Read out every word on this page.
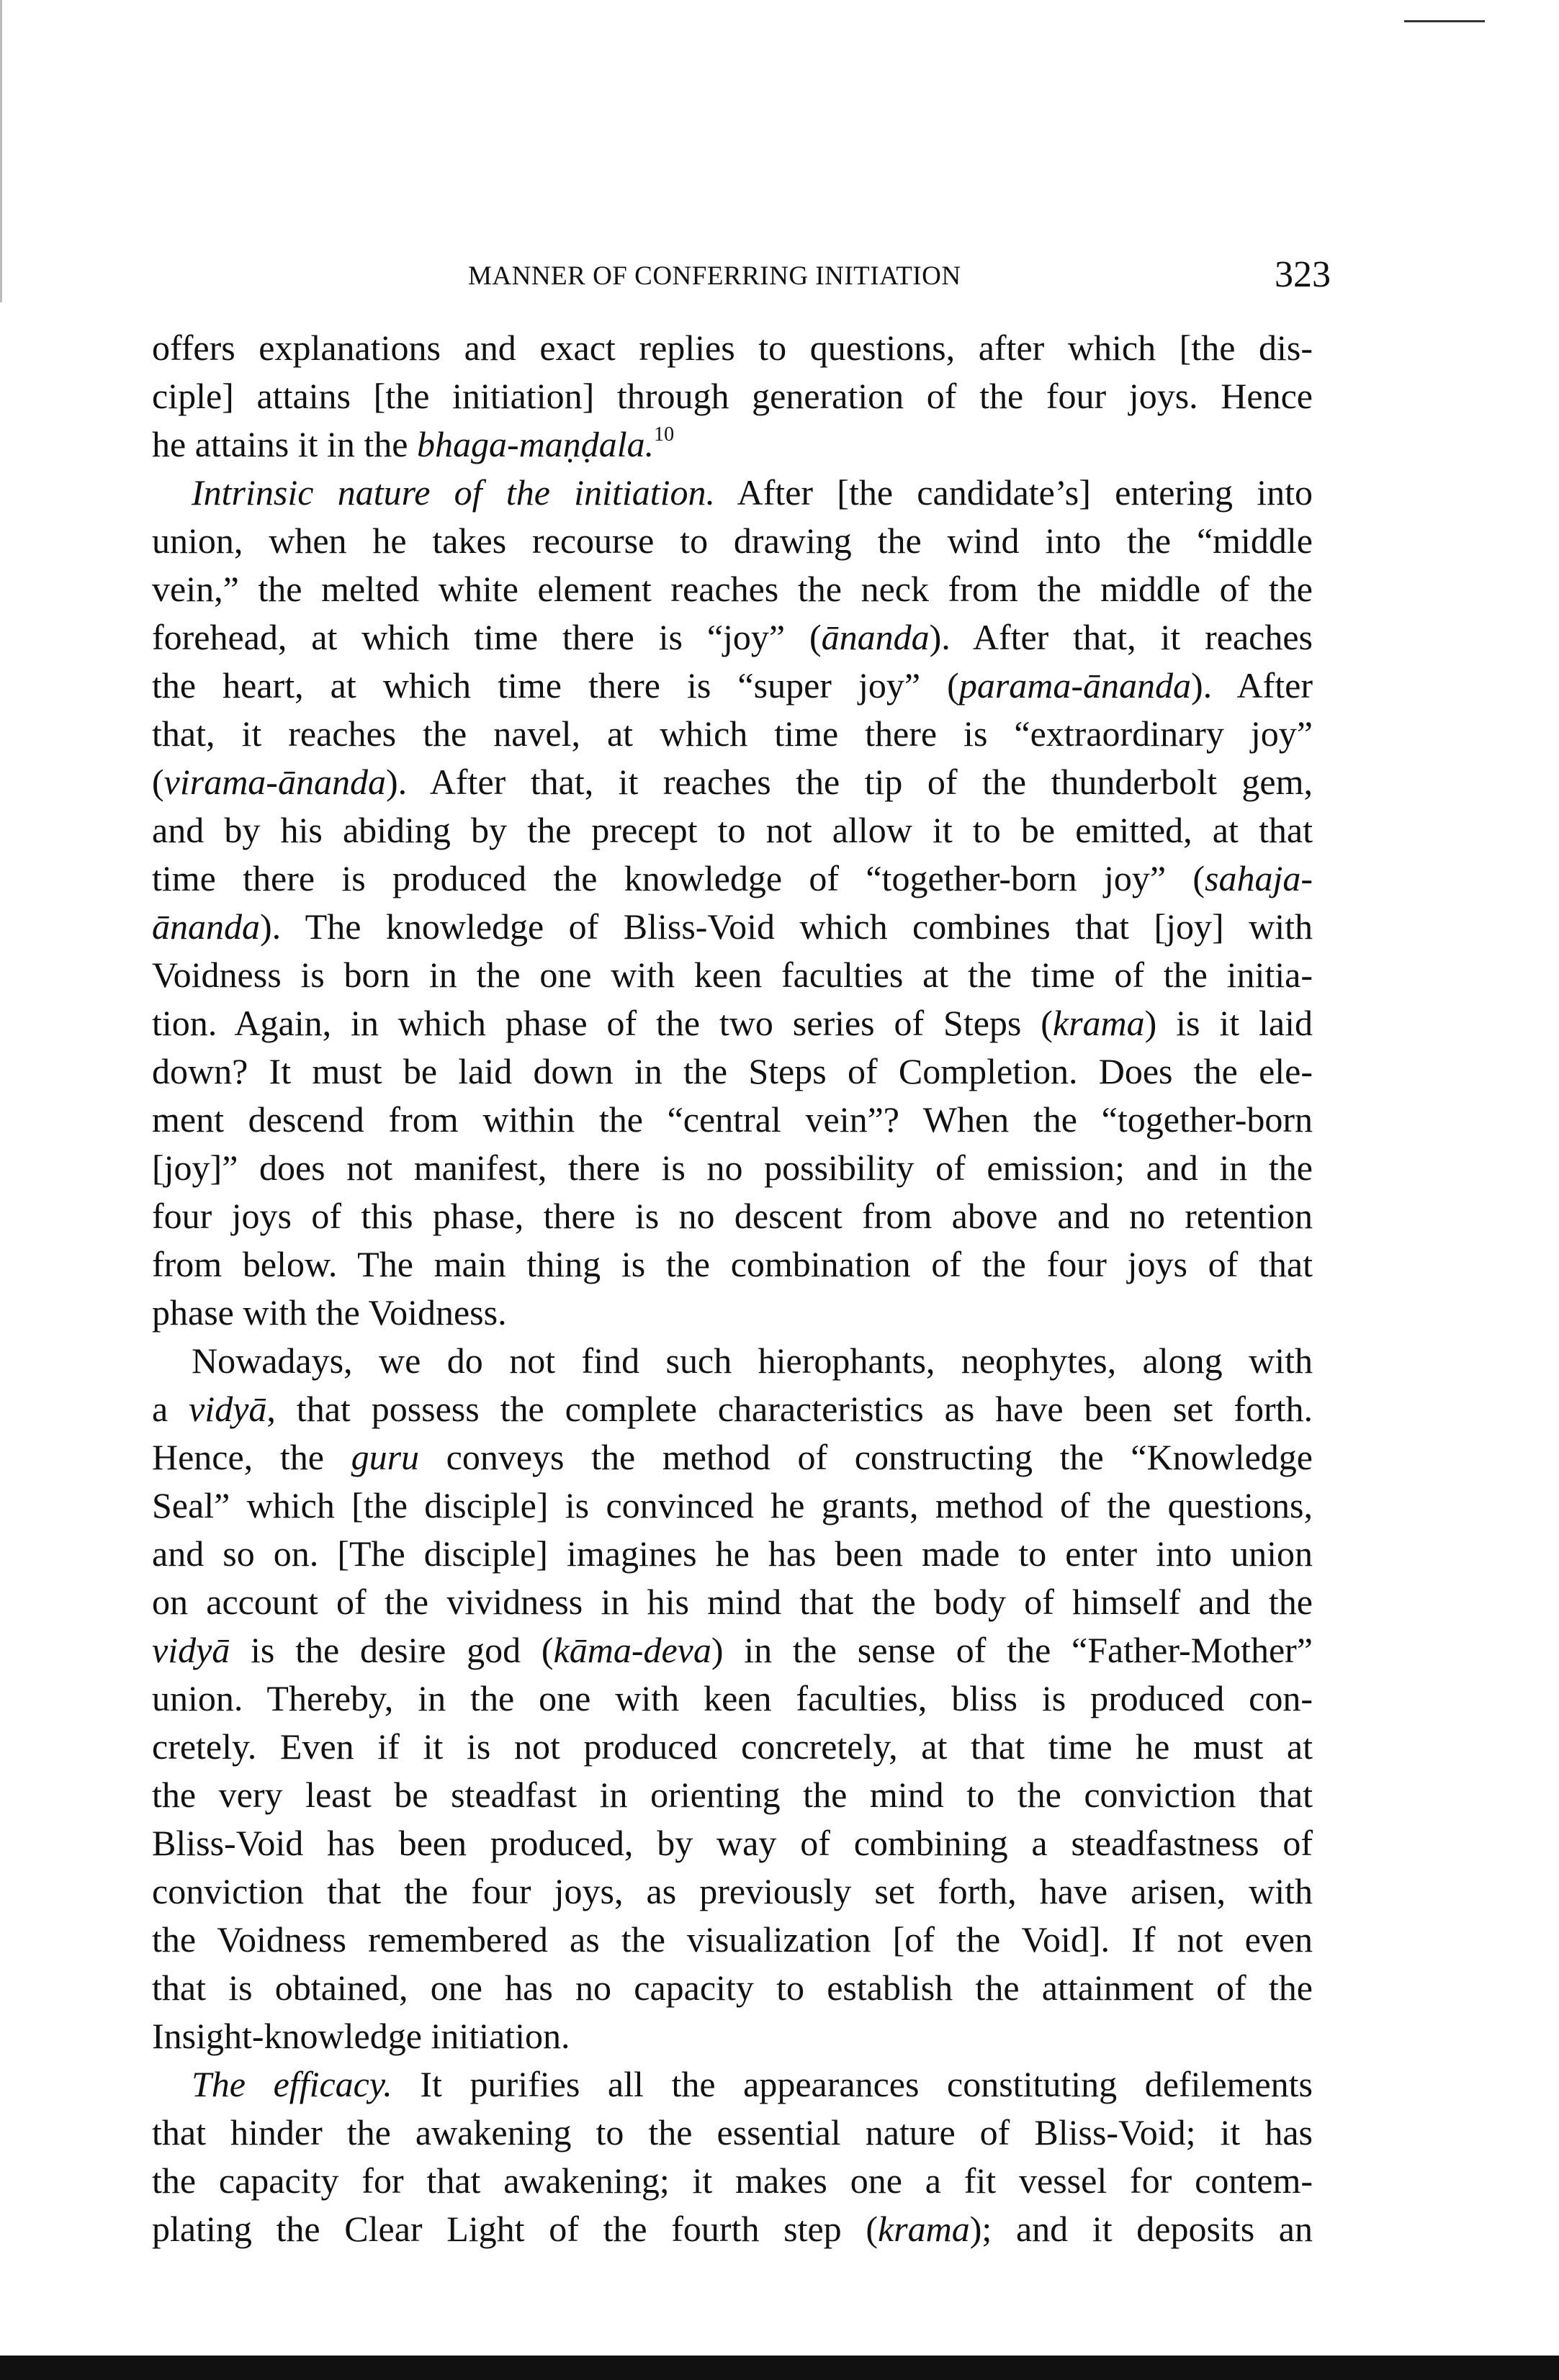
MANNER OF CONFERRING INITIATION	323
offers explanations and exact replies to questions, after which [the dis-
ciple] attains [the initiation] through generation of the four joys. Hence
he attains it in the bhaga-maṇḍala.$^{10}$
Intrinsic nature of the initiation. After [the candidate’s] entering into
union, when he takes recourse to drawing the wind into the “middle
vein,” the melted white element reaches the neck from the middle of the
forehead, at which time there is “joy” (ānanda). After that, it reaches
the heart, at which time there is “super joy” (parama-ānanda). After
that, it reaches the navel, at which time there is “extraordinary joy”
(virama-ānanda). After that, it reaches the tip of the thunderbolt gem,
and by his abiding by the precept to not allow it to be emitted, at that
time there is produced the knowledge of “together-born joy” (sahaja-
ānanda). The knowledge of Bliss-Void which combines that [joy] with
Voidness is born in the one with keen faculties at the time of the initia-
tion. Again, in which phase of the two series of Steps (krama) is it laid
down? It must be laid down in the Steps of Completion. Does the ele-
ment descend from within the “central vein”? When the “together-born
[joy]” does not manifest, there is no possibility of emission; and in the
four joys of this phase, there is no descent from above and no retention
from below. The main thing is the combination of the four joys of that
phase with the Voidness.
Nowadays, we do not find such hierophants, neophytes, along with
a vidyā, that possess the complete characteristics as have been set forth.
Hence, the guru conveys the method of constructing the “Knowledge
Seal” which [the disciple] is convinced he grants, method of the questions,
and so on. [The disciple] imagines he has been made to enter into union
on account of the vividness in his mind that the body of himself and the
vidyā is the desire god (kāma-deva) in the sense of the “Father-Mother”
union. Thereby, in the one with keen faculties, bliss is produced con-
cretely. Even if it is not produced concretely, at that time he must at
the very least be steadfast in orienting the mind to the conviction that
Bliss-Void has been produced, by way of combining a steadfastness of
conviction that the four joys, as previously set forth, have arisen, with
the Voidness remembered as the visualization [of the Void]. If not even
that is obtained, one has no capacity to establish the attainment of the
Insight-knowledge initiation.
The efficacy. It purifies all the appearances constituting defilements
that hinder the awakening to the essential nature of Bliss-Void; it has
the capacity for that awakening; it makes one a fit vessel for contem-
plating the Clear Light of the fourth step (krama); and it deposits an
